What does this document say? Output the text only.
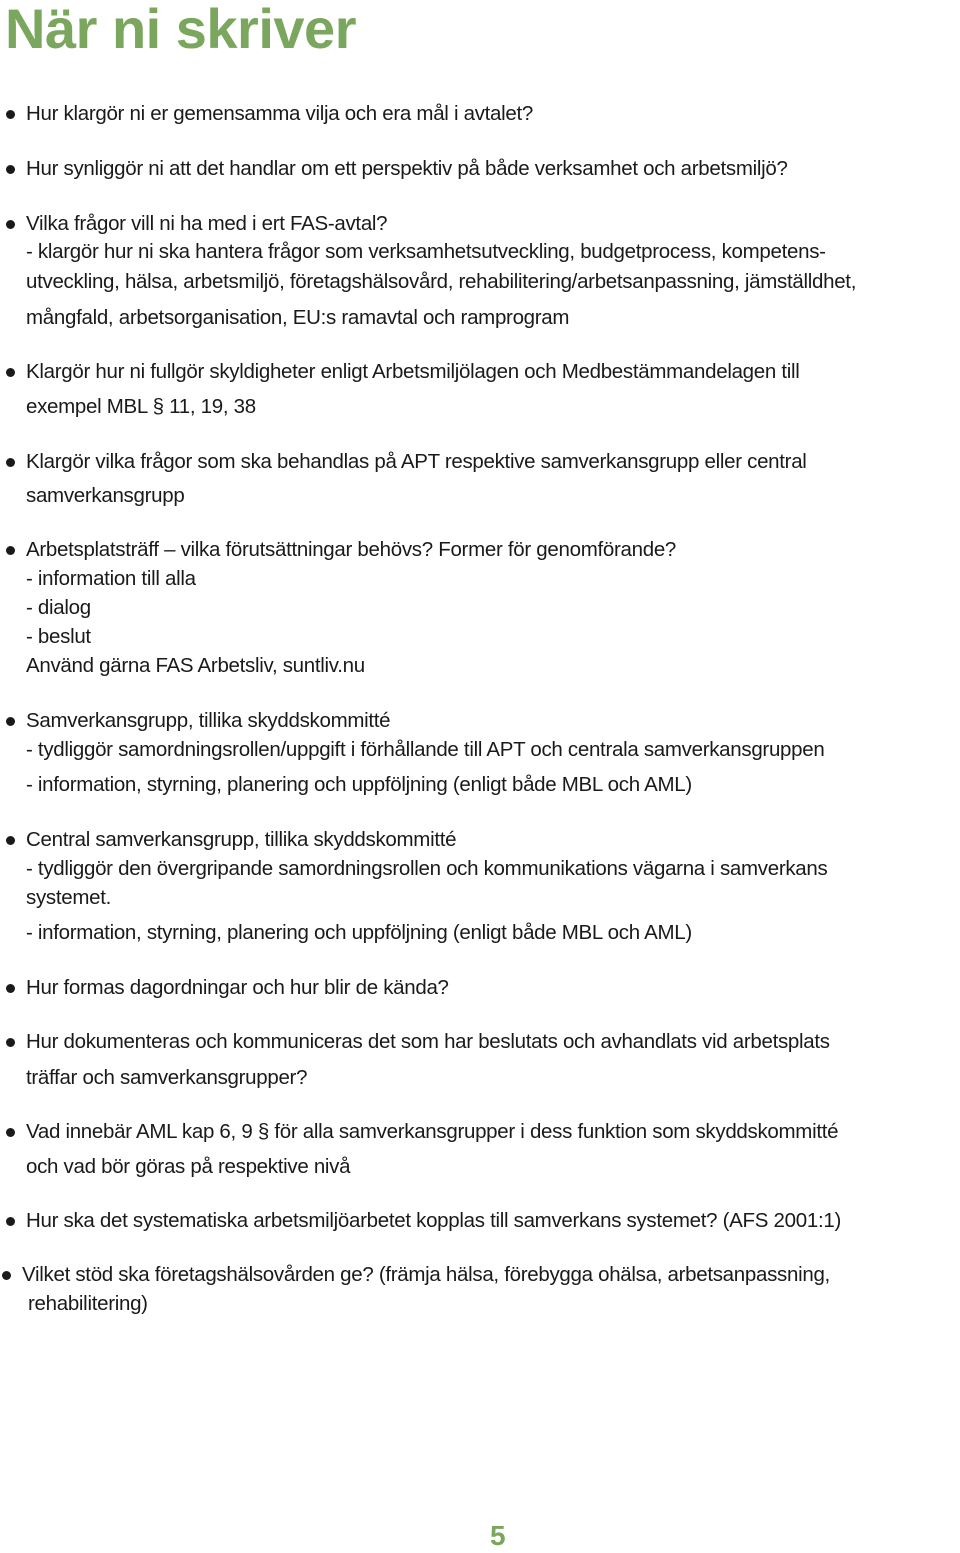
När ni skriver
Hur klargör ni er gemensamma vilja och era mål i avtalet?
Hur synliggör ni att det handlar om ett perspektiv på både verksamhet och arbetsmiljö?
Vilka frågor vill ni ha med i ert FAS-avtal?
- klargör hur ni ska hantera frågor som verksamhetsutveckling, budgetprocess, kompetens-
utveckling, hälsa, arbetsmiljö, företagshälsovård, rehabilitering/arbetsanpassning, jämställdhet,
mångfald, arbetsorganisation, EU:s ramavtal och ramprogram
Klargör hur ni fullgör skyldigheter enligt Arbetsmiljölagen och Medbestämmandelagen till
exempel MBL § 11, 19, 38
Klargör vilka frågor som ska behandlas på APT respektive samverkansgrupp eller central
samverkansgrupp
Arbetsplatsträff – vilka förutsättningar behövs? Former för genomförande?
- information till alla
- dialog
- beslut
Använd gärna FAS Arbetsliv, suntliv.nu
Samverkansgrupp, tillika skyddskommitté
- tydliggör samordningsrollen/uppgift i förhållande till APT och centrala samverkansgruppen
- information, styrning, planering och uppföljning (enligt både MBL och AML)
Central samverkansgrupp, tillika skyddskommitté
- tydliggör den övergripande samordningsrollen och kommunikations vägarna i samverkans
systemet.
- information, styrning, planering och uppföljning (enligt både MBL och AML)
Hur formas dagordningar och hur blir de kända?
Hur dokumenteras och kommuniceras det som har beslutats och avhandlats vid arbetsplats
träffar och samverkansgrupper?
Vad innebär AML kap 6, 9 § för alla samverkansgrupper i dess funktion som skyddskommitté
och vad bör göras på respektive nivå
Hur ska det systematiska arbetsmiljöarbetet kopplas till samverkans systemet? (AFS 2001:1)
Vilket stöd ska företagshälsovården ge? (främja hälsa, förebygga ohälsa, arbetsanpassning,
rehabilitering)
5
